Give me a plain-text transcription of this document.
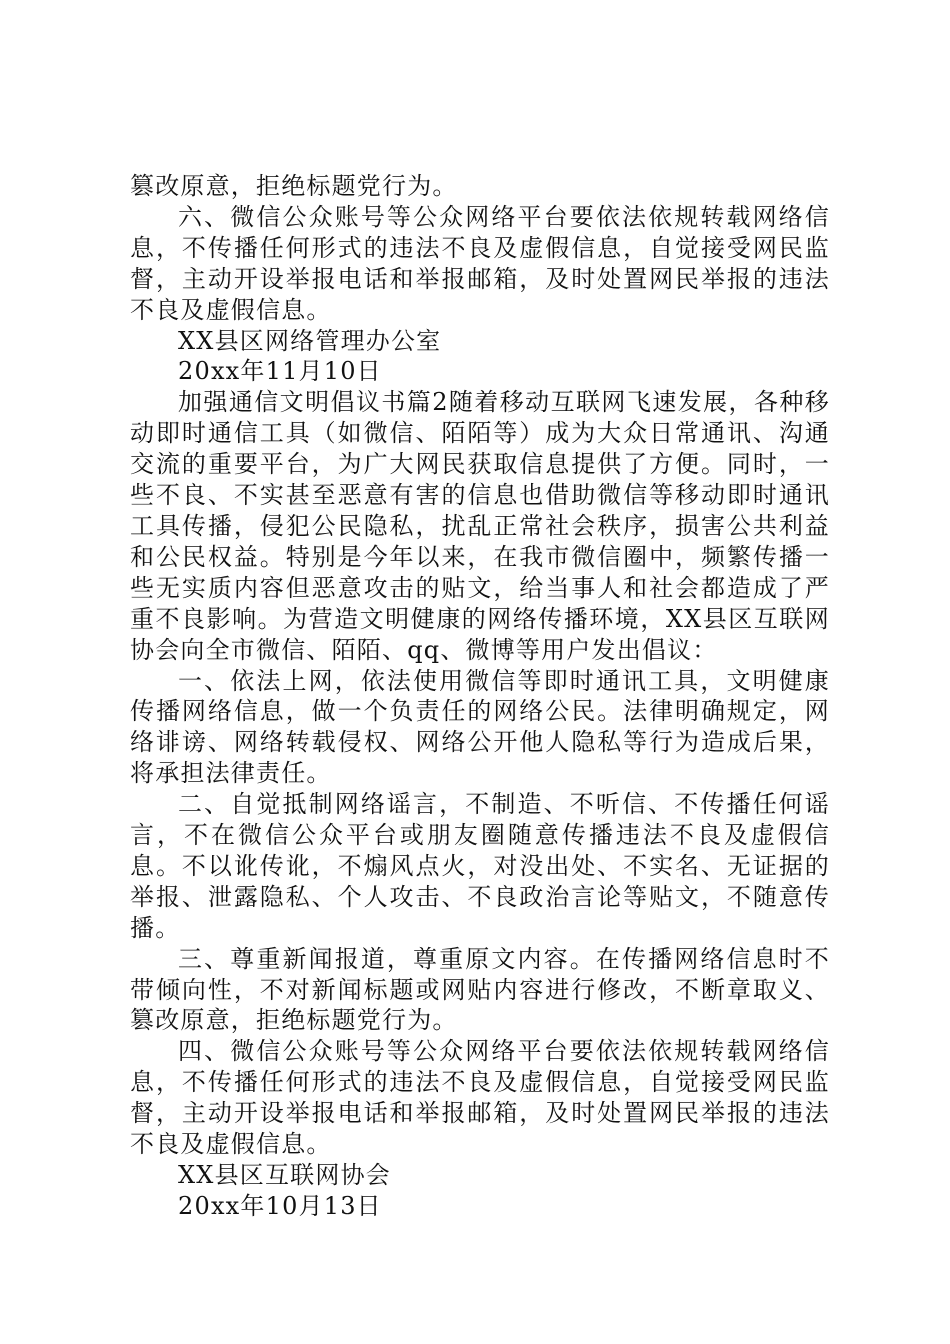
篡改原意，拒绝标题党行为。

六、微信公众账号等公众网络平台要依法依规转载网络信息，不传播任何形式的违法不良及虚假信息，自觉接受网民监督，主动开设举报电话和举报邮箱，及时处置网民举报的违法不良及虚假信息。

XX县区网络管理办公室

20xx年11月10日

加强通信文明倡议书篇2随着移动互联网飞速发展，各种移动即时通信工具（如微信、陌陌等）成为大众日常通讯、沟通交流的重要平台，为广大网民获取信息提供了方便。同时，一些不良、不实甚至恶意有害的信息也借助微信等移动即时通讯工具传播，侵犯公民隐私，扰乱正常社会秩序，损害公共利益和公民权益。特别是今年以来，在我市微信圈中，频繁传播一些无实质内容但恶意攻击的贴文，给当事人和社会都造成了严重不良影响。为营造文明健康的网络传播环境，XX县区互联网协会向全市微信、陌陌、qq、微博等用户发出倡议：

一、依法上网，依法使用微信等即时通讯工具，文明健康传播网络信息，做一个负责任的网络公民。法律明确规定，网络诽谤、网络转载侵权、网络公开他人隐私等行为造成后果，将承担法律责任。

二、自觉抵制网络谣言，不制造、不听信、不传播任何谣言，不在微信公众平台或朋友圈随意传播违法不良及虚假信息。不以讹传讹，不煽风点火，对没出处、不实名、无证据的举报、泄露隐私、个人攻击、不良政治言论等贴文，不随意传播。

三、尊重新闻报道，尊重原文内容。在传播网络信息时不带倾向性，不对新闻标题或网贴内容进行修改，不断章取义、篡改原意，拒绝标题党行为。

四、微信公众账号等公众网络平台要依法依规转载网络信息，不传播任何形式的违法不良及虚假信息，自觉接受网民监督，主动开设举报电话和举报邮箱，及时处置网民举报的违法不良及虚假信息。

XX县区互联网协会

20xx年10月13日
